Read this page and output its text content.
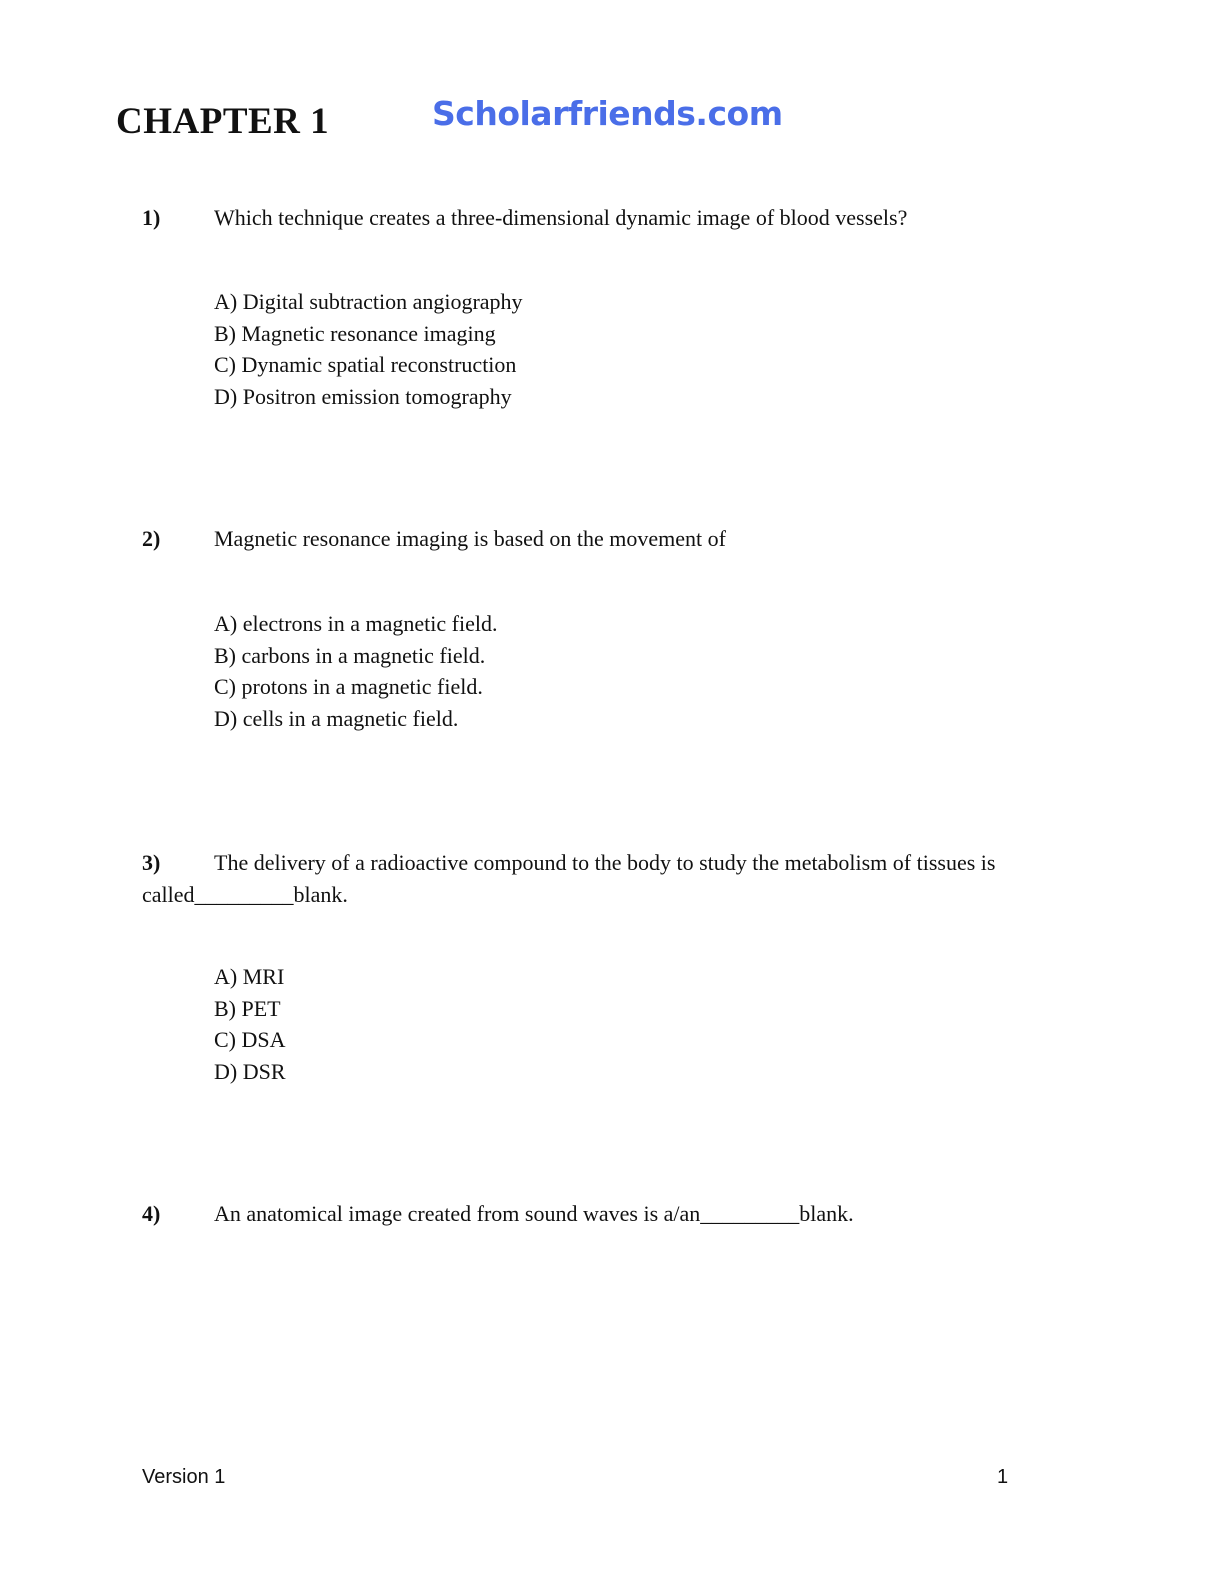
CHAPTER 1	Scholarfriends.com
1) Which technique creates a three-dimensional dynamic image of blood vessels?
A) Digital subtraction angiography
B) Magnetic resonance imaging
C) Dynamic spatial reconstruction
D) Positron emission tomography
2) Magnetic resonance imaging is based on the movement of
A) electrons in a magnetic field.
B) carbons in a magnetic field.
C) protons in a magnetic field.
D) cells in a magnetic field.
3) The delivery of a radioactive compound to the body to study the metabolism of tissues is called_________blank.
A) MRI
B) PET
C) DSA
D) DSR
4) An anatomical image created from sound waves is a/an_________blank.
Version 1	1
